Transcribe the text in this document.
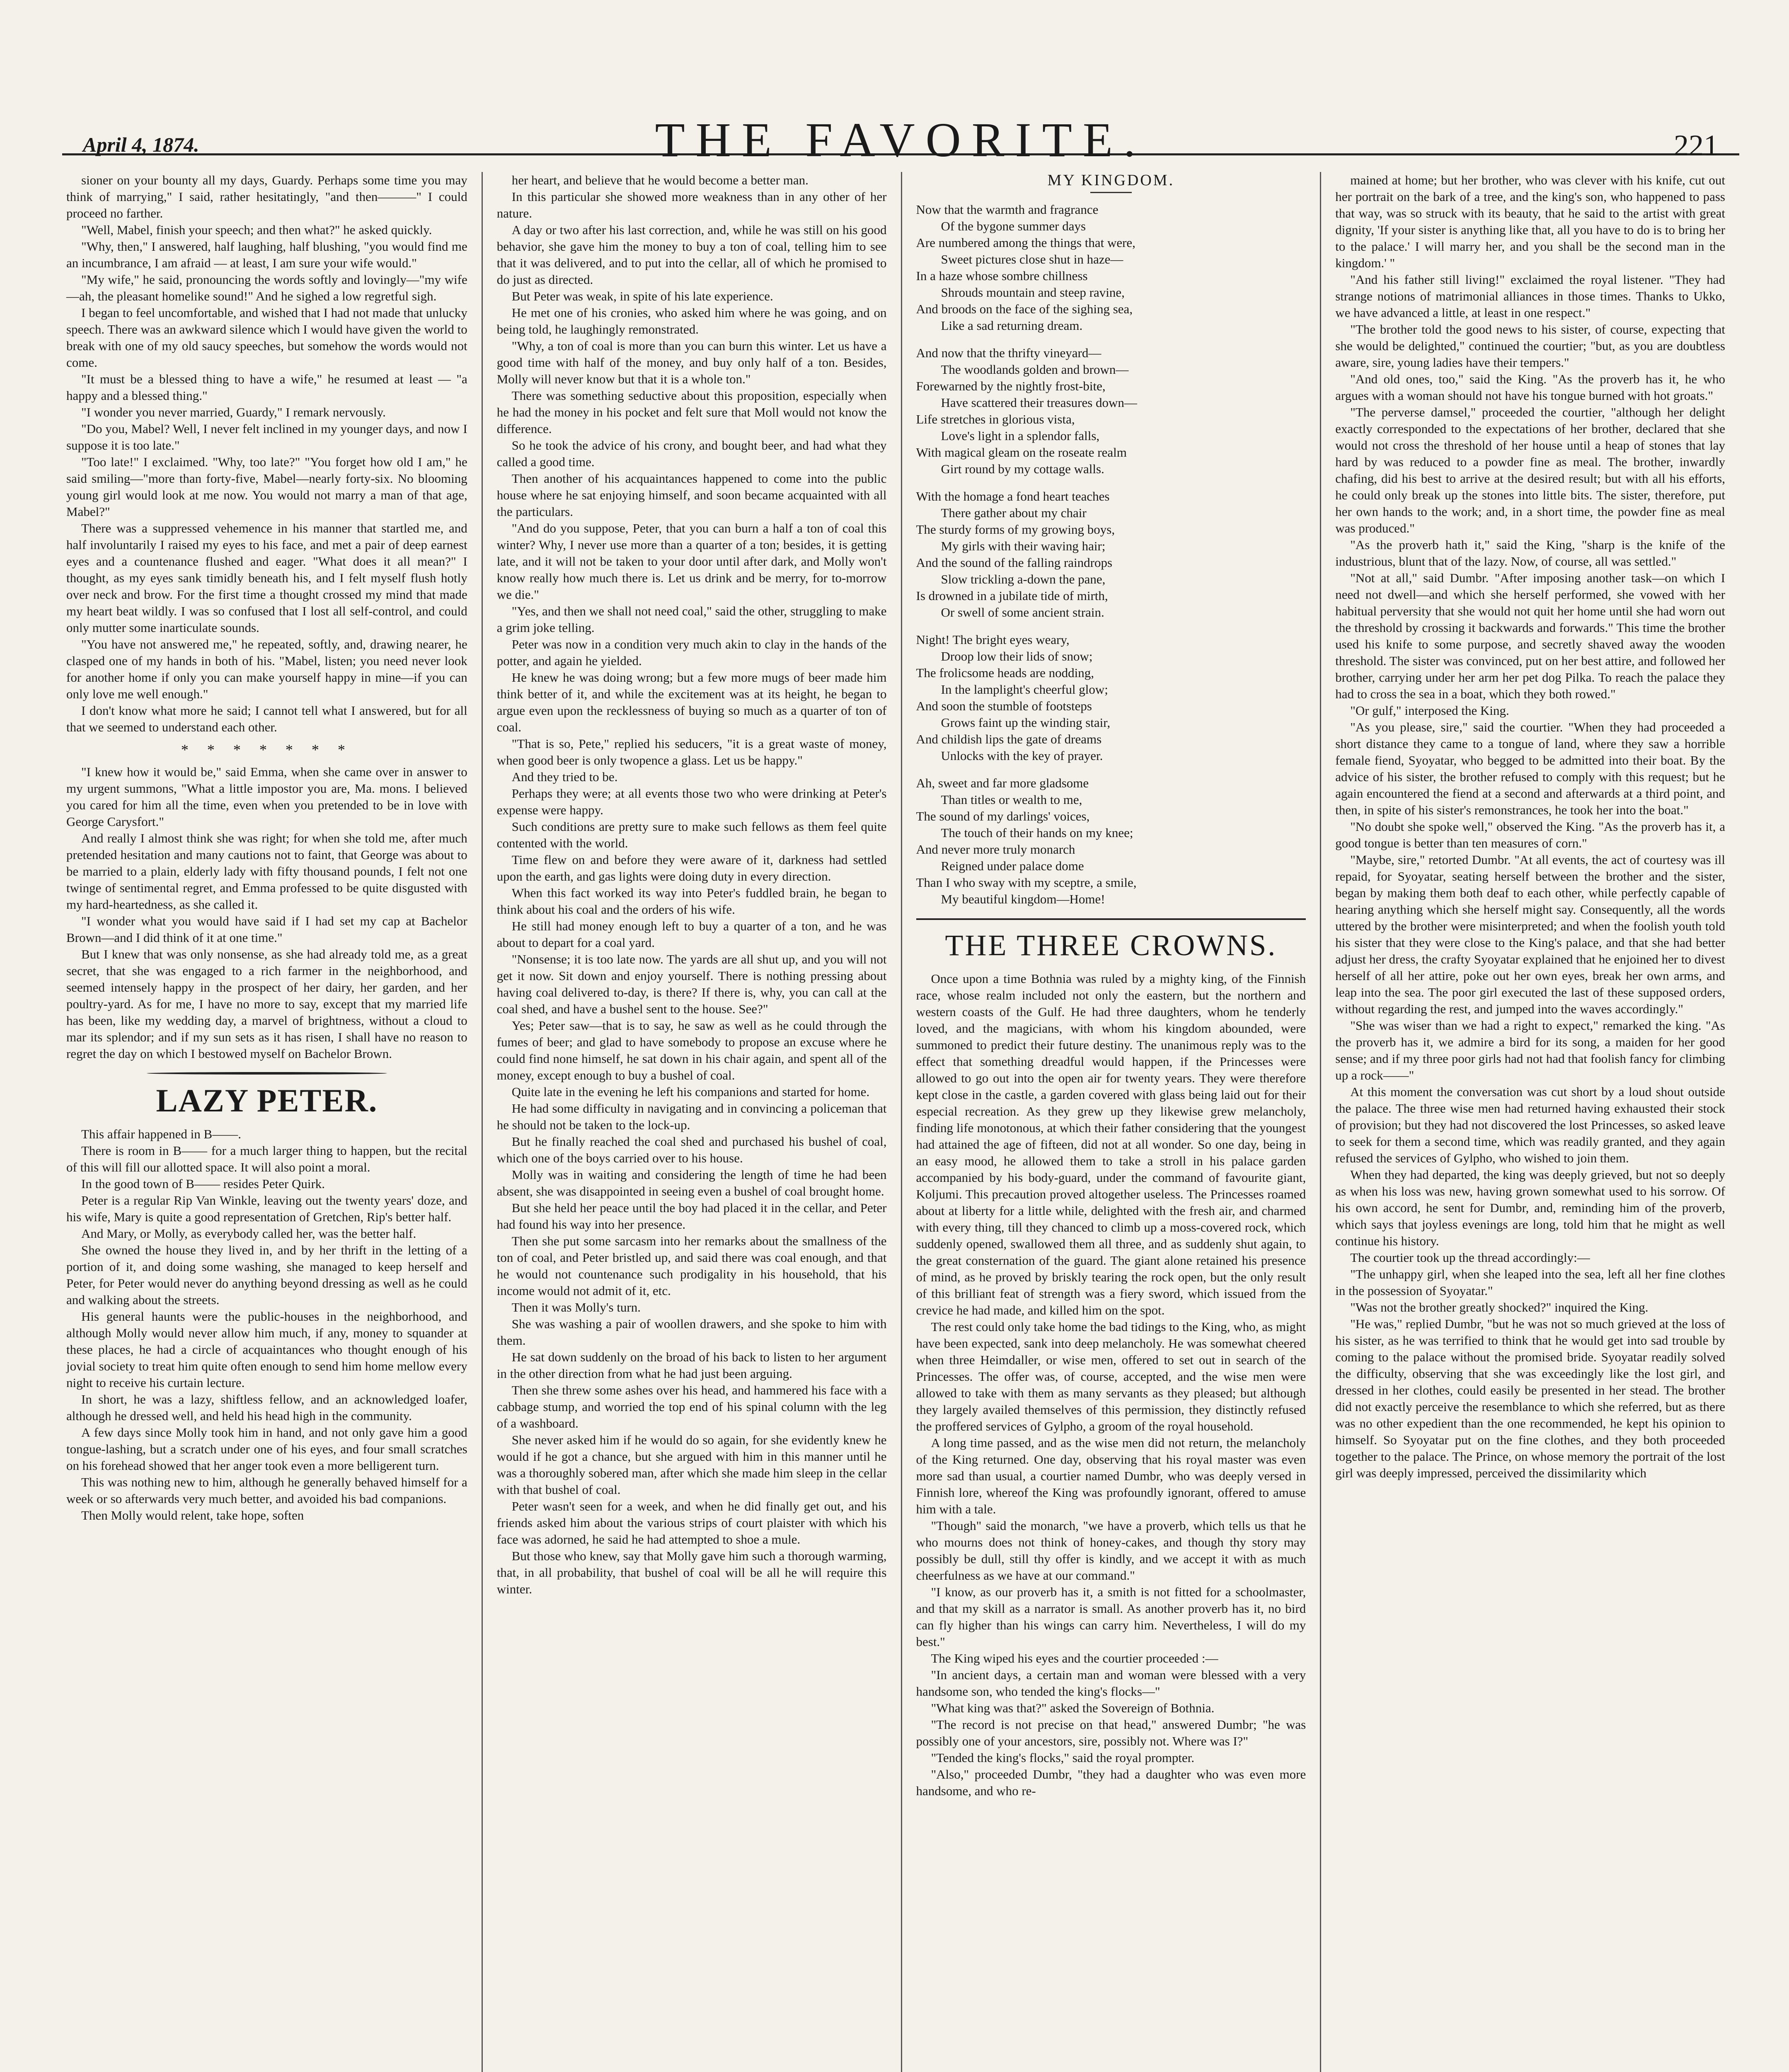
April 4, 1874.	THE FAVORITE.	221

sioner on your bounty all my days, Guardy. Perhaps some time you may think of marrying," I said, rather hesitatingly, "and then———" I could proceed no farther.

"Well, Mabel, finish your speech; and then what?" he asked quickly.

"Why, then," I answered, half laughing, half blushing, "you would find me an incumbrance, I am afraid — at least, I am sure your wife would."

"My wife," he said, pronouncing the words softly and lovingly—"my wife—ah, the pleasant homelike sound!" And he sighed a low regretful sigh.

I began to feel uncomfortable, and wished that I had not made that unlucky speech. There was an awkward silence which I would have given the world to break with one of my old saucy speeches, but somehow the words would not come.

"It must be a blessed thing to have a wife," he resumed at least — "a happy and a blessed thing."

"I wonder you never married, Guardy," I remark nervously.

"Do you, Mabel? Well, I never felt inclined in my younger days, and now I suppose it is too late."

"Too late!" I exclaimed. "Why, too late?" "You forget how old I am," he said smiling—"more than forty-five, Mabel—nearly forty-six. No blooming young girl would look at me now. You would not marry a man of that age, Mabel?"

There was a suppressed vehemence in his manner that startled me, and half involuntarily I raised my eyes to his face, and met a pair of deep earnest eyes and a countenance flushed and eager. "What does it all mean?" I thought, as my eyes sank timidly beneath his, and I felt myself flush hotly over neck and brow. For the first time a thought crossed my mind that made my heart beat wildly. I was so confused that I lost all self-control, and could only mutter some inarticulate sounds.

"You have not answered me," he repeated, softly, and, drawing nearer, he clasped one of my hands in both of his. "Mabel, listen; you need never look for another home if only you can make yourself happy in mine—if you can only love me well enough."

I don't know what more he said; I cannot tell what I answered, but for all that we seemed to understand each other.

* * * * * * *

"I knew how it would be," said Emma, when she came over in answer to my urgent summons, "What a little impostor you are, Ma. mons. I believed you cared for him all the time, even when you pretended to be in love with George Carysfort."

And really I almost think she was right; for when she told me, after much pretended hesitation and many cautions not to faint, that George was about to be married to a plain, elderly lady with fifty thousand pounds, I felt not one twinge of sentimental regret, and Emma professed to be quite disgusted with my hard-heartedness, as she called it.

"I wonder what you would have said if I had set my cap at Bachelor Brown—and I did think of it at one time."

But I knew that was only nonsense, as she had already told me, as a great secret, that she was engaged to a rich farmer in the neighborhood, and seemed intensely happy in the prospect of her dairy, her garden, and her poultry-yard. As for me, I have no more to say, except that my married life has been, like my wedding day, a marvel of brightness, without a cloud to mar its splendor; and if my sun sets as it has risen, I shall have no reason to regret the day on which I bestowed myself on Bachelor Brown.

LAZY PETER.

This affair happened in B——.

There is room in B—— for a much larger thing to happen, but the recital of this will fill our allotted space. It will also point a moral.

In the good town of B—— resides Peter Quirk.

Peter is a regular Rip Van Winkle, leaving out the twenty years' doze, and his wife, Mary is quite a good representation of Gretchen, Rip's better half.

And Mary, or Molly, as everybody called her, was the better half.

She owned the house they lived in, and by her thrift in the letting of a portion of it, and doing some washing, she managed to keep herself and Peter, for Peter would never do anything beyond dressing as well as he could and walking about the streets.

His general haunts were the public-houses in the neighborhood, and although Molly would never allow him much, if any, money to squander at these places, he had a circle of acquaintances who thought enough of his jovial society to treat him quite often enough to send him home mellow every night to receive his curtain lecture.

In short, he was a lazy, shiftless fellow, and an acknowledged loafer, although he dressed well, and held his head high in the community.

A few days since Molly took him in hand, and not only gave him a good tongue-lashing, but a scratch under one of his eyes, and four small scratches on his forehead showed that her anger took even a more belligerent turn.

This was nothing new to him, although he generally behaved himself for a week or so afterwards very much better, and avoided his bad companions.

Then Molly would relent, take hope, soften

her heart, and believe that he would become a better man.

In this particular she showed more weakness than in any other of her nature.

A day or two after his last correction, and, while he was still on his good behavior, she gave him the money to buy a ton of coal, telling him to see that it was delivered, and to put into the cellar, all of which he promised to do just as directed.

But Peter was weak, in spite of his late experience.

He met one of his cronies, who asked him where he was going, and on being told, he laughingly remonstrated.

"Why, a ton of coal is more than you can burn this winter. Let us have a good time with half of the money, and buy only half of a ton. Besides, Molly will never know but that it is a whole ton."

There was something seductive about this proposition, especially when he had the money in his pocket and felt sure that Moll would not know the difference.

So he took the advice of his crony, and bought beer, and had what they called a good time.

Then another of his acquaintances happened to come into the public house where he sat enjoying himself, and soon became acquainted with all the particulars.

"And do you suppose, Peter, that you can burn a half a ton of coal this winter? Why, I never use more than a quarter of a ton; besides, it is getting late, and it will not be taken to your door until after dark, and Molly won't know really how much there is. Let us drink and be merry, for to-morrow we die."

"Yes, and then we shall not need coal," said the other, struggling to make a grim joke telling.

Peter was now in a condition very much akin to clay in the hands of the potter, and again he yielded.

He knew he was doing wrong; but a few more mugs of beer made him think better of it, and while the excitement was at its height, he began to argue even upon the recklessness of buying so much as a quarter of ton of coal.

"That is so, Pete," replied his seducers, "it is a great waste of money, when good beer is only twopence a glass. Let us be happy."

And they tried to be.

Perhaps they were; at all events those two who were drinking at Peter's expense were happy.

Such conditions are pretty sure to make such fellows as them feel quite contented with the world.

Time flew on and before they were aware of it, darkness had settled upon the earth, and gas lights were doing duty in every direction.

When this fact worked its way into Peter's fuddled brain, he began to think about his coal and the orders of his wife.

He still had money enough left to buy a quarter of a ton, and he was about to depart for a coal yard.

"Nonsense; it is too late now. The yards are all shut up, and you will not get it now. Sit down and enjoy yourself. There is nothing pressing about having coal delivered to-day, is there? If there is, why, you can call at the coal shed, and have a bushel sent to the house. See?"

Yes; Peter saw—that is to say, he saw as well as he could through the fumes of beer; and glad to have somebody to propose an excuse where he could find none himself, he sat down in his chair again, and spent all of the money, except enough to buy a bushel of coal.

Quite late in the evening he left his companions and started for home.

He had some difficulty in navigating and in convincing a policeman that he should not be taken to the lock-up.

But he finally reached the coal shed and purchased his bushel of coal, which one of the boys carried over to his house.

Molly was in waiting and considering the length of time he had been absent, she was disappointed in seeing even a bushel of coal brought home.

But she held her peace until the boy had placed it in the cellar, and Peter had found his way into her presence.

Then she put some sarcasm into her remarks about the smallness of the ton of coal, and Peter bristled up, and said there was coal enough, and that he would not countenance such prodigality in his household, that his income would not admit of it, etc.

Then it was Molly's turn.

She was washing a pair of woollen drawers, and she spoke to him with them.

He sat down suddenly on the broad of his back to listen to her argument in the other direction from what he had just been arguing.

Then she threw some ashes over his head, and hammered his face with a cabbage stump, and worried the top end of his spinal column with the leg of a washboard.

She never asked him if he would do so again, for she evidently knew he would if he got a chance, but she argued with him in this manner until he was a thoroughly sobered man, after which she made him sleep in the cellar with that bushel of coal.

Peter wasn't seen for a week, and when he did finally get out, and his friends asked him about the various strips of court plaister with which his face was adorned, he said he had attempted to shoe a mule.

But those who knew, say that Molly gave him such a thorough warming, that, in all probability, that bushel of coal will be all he will require this winter.

MY KINGDOM.
Now that the warmth and fragrance
Of the bygone summer days
Are numbered among the things that were,
Sweet pictures close shut in haze—
In a haze whose sombre chillness
Shrouds mountain and steep ravine,
And broods on the face of the sighing sea,
Like a sad returning dream.
And now that the thrifty vineyard—
The woodlands golden and brown—
Forewarned by the nightly frost-bite,
Have scattered their treasures down—
Life stretches in glorious vista,
Love's light in a splendor falls,
With magical gleam on the roseate realm
Girt round by my cottage walls.
With the homage a fond heart teaches
There gather about my chair
The sturdy forms of my growing boys,
My girls with their waving hair;
And the sound of the falling raindrops
Slow trickling a-down the pane,
Is drowned in a jubilate tide of mirth,
Or swell of some ancient strain.
Night! The bright eyes weary,
Droop low their lids of snow;
The frolicsome heads are nodding,
In the lamplight's cheerful glow;
And soon the stumble of footsteps
Grows faint up the winding stair,
And childish lips the gate of dreams
Unlocks with the key of prayer.
Ah, sweet and far more gladsome
Than titles or wealth to me,
The sound of my darlings' voices,
The touch of their hands on my knee;
And never more truly monarch
Reigned under palace dome
Than I who sway with my sceptre, a smile,
My beautiful kingdom—Home!
THE THREE CROWNS.

Once upon a time Bothnia was ruled by a mighty king, of the Finnish race, whose realm included not only the eastern, but the northern and western coasts of the Gulf. He had three daughters, whom he tenderly loved, and the magicians, with whom his kingdom abounded, were summoned to predict their future destiny. The unanimous reply was to the effect that something dreadful would happen, if the Princesses were allowed to go out into the open air for twenty years. They were therefore kept close in the castle, a garden covered with glass being laid out for their especial recreation. As they grew up they likewise grew melancholy, finding life monotonous, at which their father considering that the youngest had attained the age of fifteen, did not at all wonder. So one day, being in an easy mood, he allowed them to take a stroll in his palace garden accompanied by his body-guard, under the command of favourite giant, Koljumi. This precaution proved altogether useless. The Princesses roamed about at liberty for a little while, delighted with the fresh air, and charmed with every thing, till they chanced to climb up a moss-covered rock, which suddenly opened, swallowed them all three, and as suddenly shut again, to the great consternation of the guard. The giant alone retained his presence of mind, as he proved by briskly tearing the rock open, but the only result of this brilliant feat of strength was a fiery sword, which issued from the crevice he had made, and killed him on the spot.

The rest could only take home the bad tidings to the King, who, as might have been expected, sank into deep melancholy. He was somewhat cheered when three Heimdaller, or wise men, offered to set out in search of the Princesses. The offer was, of course, accepted, and the wise men were allowed to take with them as many servants as they pleased; but although they largely availed themselves of this permission, they distinctly refused the proffered services of Gylpho, a groom of the royal household.

A long time passed, and as the wise men did not return, the melancholy of the King returned. One day, observing that his royal master was even more sad than usual, a courtier named Dumbr, who was deeply versed in Finnish lore, whereof the King was profoundly ignorant, offered to amuse him with a tale.

"Though" said the monarch, "we have a proverb, which tells us that he who mourns does not think of honey-cakes, and though thy story may possibly be dull, still thy offer is kindly, and we accept it with as much cheerfulness as we have at our command."

"I know, as our proverb has it, a smith is not fitted for a schoolmaster, and that my skill as a narrator is small. As another proverb has it, no bird can fly higher than his wings can carry him. Nevertheless, I will do my best."

The King wiped his eyes and the courtier proceeded :—

"In ancient days, a certain man and woman were blessed with a very handsome son, who tended the king's flocks—"

"What king was that?" asked the Sovereign of Bothnia.

"The record is not precise on that head," answered Dumbr; "he was possibly one of your ancestors, sire, possibly not. Where was I?"

"Tended the king's flocks," said the royal prompter.

"Also," proceeded Dumbr, "they had a daughter who was even more handsome, and who re-

mained at home; but her brother, who was clever with his knife, cut out her portrait on the bark of a tree, and the king's son, who happened to pass that way, was so struck with its beauty, that he said to the artist with great dignity, 'If your sister is anything like that, all you have to do is to bring her to the palace.' I will marry her, and you shall be the second man in the kingdom.' "

"And his father still living!" exclaimed the royal listener. "They had strange notions of matrimonial alliances in those times. Thanks to Ukko, we have advanced a little, at least in one respect."

"The brother told the good news to his sister, of course, expecting that she would be delighted," continued the courtier; "but, as you are doubtless aware, sire, young ladies have their tempers."

"And old ones, too," said the King. "As the proverb has it, he who argues with a woman should not have his tongue burned with hot groats."

"The perverse damsel," proceeded the courtier, "although her delight exactly corresponded to the expectations of her brother, declared that she would not cross the threshold of her house until a heap of stones that lay hard by was reduced to a powder fine as meal. The brother, inwardly chafing, did his best to arrive at the desired result; but with all his efforts, he could only break up the stones into little bits. The sister, therefore, put her own hands to the work; and, in a short time, the powder fine as meal was produced."

"As the proverb hath it," said the King, "sharp is the knife of the industrious, blunt that of the lazy. Now, of course, all was settled."

"Not at all," said Dumbr. "After imposing another task—on which I need not dwell—and which she herself performed, she vowed with her habitual perversity that she would not quit her home until she had worn out the threshold by crossing it backwards and forwards." This time the brother used his knife to some purpose, and secretly shaved away the wooden threshold. The sister was convinced, put on her best attire, and followed her brother, carrying under her arm her pet dog Pilka. To reach the palace they had to cross the sea in a boat, which they both rowed."

"Or gulf," interposed the King.

"As you please, sire," said the courtier. "When they had proceeded a short distance they came to a tongue of land, where they saw a horrible female fiend, Syoyatar, who begged to be admitted into their boat. By the advice of his sister, the brother refused to comply with this request; but he again encountered the fiend at a second and afterwards at a third point, and then, in spite of his sister's remonstrances, he took her into the boat."

"No doubt she spoke well," observed the King. "As the proverb has it, a good tongue is better than ten measures of corn."

"Maybe, sire," retorted Dumbr. "At all events, the act of courtesy was ill repaid, for Syoyatar, seating herself between the brother and the sister, began by making them both deaf to each other, while perfectly capable of hearing anything which she herself might say. Consequently, all the words uttered by the brother were misinterpreted; and when the foolish youth told his sister that they were close to the King's palace, and that she had better adjust her dress, the crafty Syoyatar explained that he enjoined her to divest herself of all her attire, poke out her own eyes, break her own arms, and leap into the sea. The poor girl executed the last of these supposed orders, without regarding the rest, and jumped into the waves accordingly."

"She was wiser than we had a right to expect," remarked the king. "As the proverb has it, we admire a bird for its song, a maiden for her good sense; and if my three poor girls had not had that foolish fancy for climbing up a rock——"

At this moment the conversation was cut short by a loud shout outside the palace. The three wise men had returned having exhausted their stock of provision; but they had not discovered the lost Princesses, so asked leave to seek for them a second time, which was readily granted, and they again refused the services of Gylpho, who wished to join them.

When they had departed, the king was deeply grieved, but not so deeply as when his loss was new, having grown somewhat used to his sorrow. Of his own accord, he sent for Dumbr, and, reminding him of the proverb, which says that joyless evenings are long, told him that he might as well continue his history.

The courtier took up the thread accordingly:—

"The unhappy girl, when she leaped into the sea, left all her fine clothes in the possession of Syoyatar."

"Was not the brother greatly shocked?" inquired the King.

"He was," replied Dumbr, "but he was not so much grieved at the loss of his sister, as he was terrified to think that he would get into sad trouble by coming to the palace without the promised bride. Syoyatar readily solved the difficulty, observing that she was exceedingly like the lost girl, and dressed in her clothes, could easily be presented in her stead. The brother did not exactly perceive the resemblance to which she referred, but as there was no other expedient than the one recommended, he kept his opinion to himself. So Syoyatar put on the fine clothes, and they both proceeded together to the palace. The Prince, on whose memory the portrait of the lost girl was deeply impressed, perceived the dissimilarity which
